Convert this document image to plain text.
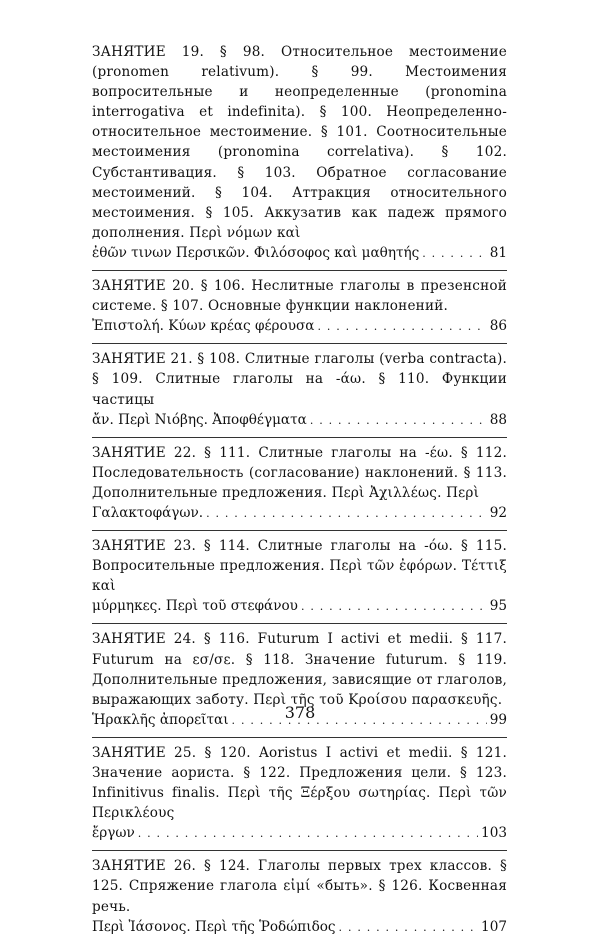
ЗАНЯТИЕ 19. § 98. Относительное местоимение (pronomen relativum). § 99. Местоимения вопросительные и неопределенные (pronomina interrogativa et indefinita). § 100. Неопределенно-относительное местоимение. § 101. Соотносительные местоимения (pronomina correlativa). § 102. Субстантивация. § 103. Обратное согласование местоимений. § 104. Аттракция относительного местоимения. § 105. Аккузатив как падеж прямого дополнения. Περὶ νόμων καὶ
ἐθῶν τινων Περσικῶν. Φιλόσοφος καὶ μαθητής . . .	81
ЗАНЯТИЕ 20. § 106. Неслитные глаголы в презенсной системе. § 107. Основные функции наклонений.
Ἐπιστολή. Κύων κρέας φέρουσα . . .	86
ЗАНЯТИЕ 21. § 108. Слитные глаголы (verba contracta). § 109. Слитные глаголы на -άω. § 110. Функции частицы
ἄν. Περὶ Νιόβης. Ἀποφθέγματα . . .	88
ЗАНЯТИЕ 22. § 111. Слитные глаголы на -έω. § 112. Последовательность (согласование) наклонений. § 113. Дополнительные предложения. Περὶ Ἀχιλλέως. Περὶ
Γαλακτοφάγων. . . .	92
ЗАНЯТИЕ 23. § 114. Слитные глаголы на -όω. § 115. Вопросительные предложения. Περὶ τῶν ἐφόρων. Τέττιξ καὶ
μύρμηκες. Περὶ τοῦ στεφάνου . . .	95
ЗАНЯТИЕ 24. § 116. Futurum I activi et medii. § 117. Futurum на εσ/σε. § 118. Значение futurum. § 119. Дополнительные предложения, зависящие от глаголов, выражающих заботу. Περὶ τῆς τοῦ Κροίσου παρασκευῆς.
Ἡρακλῆς ἀπορεῖται . . .	99
ЗАНЯТИЕ 25. § 120. Aoristus I activi et medii. § 121. Значение аориста. § 122. Предложения цели. § 123. Infinitivus finalis. Περὶ τῆς Ξέρξου σωτηρίας. Περὶ τῶν Περικλέους
ἔργων . . .	103
ЗАНЯТИЕ 26. § 124. Глаголы первых трех классов. § 125. Спряжение глагола εἰμί «быть». § 126. Косвенная речь.
Περὶ Ἰάσονος. Περὶ τῆς Ῥοδώπιδος . . .	107
378
